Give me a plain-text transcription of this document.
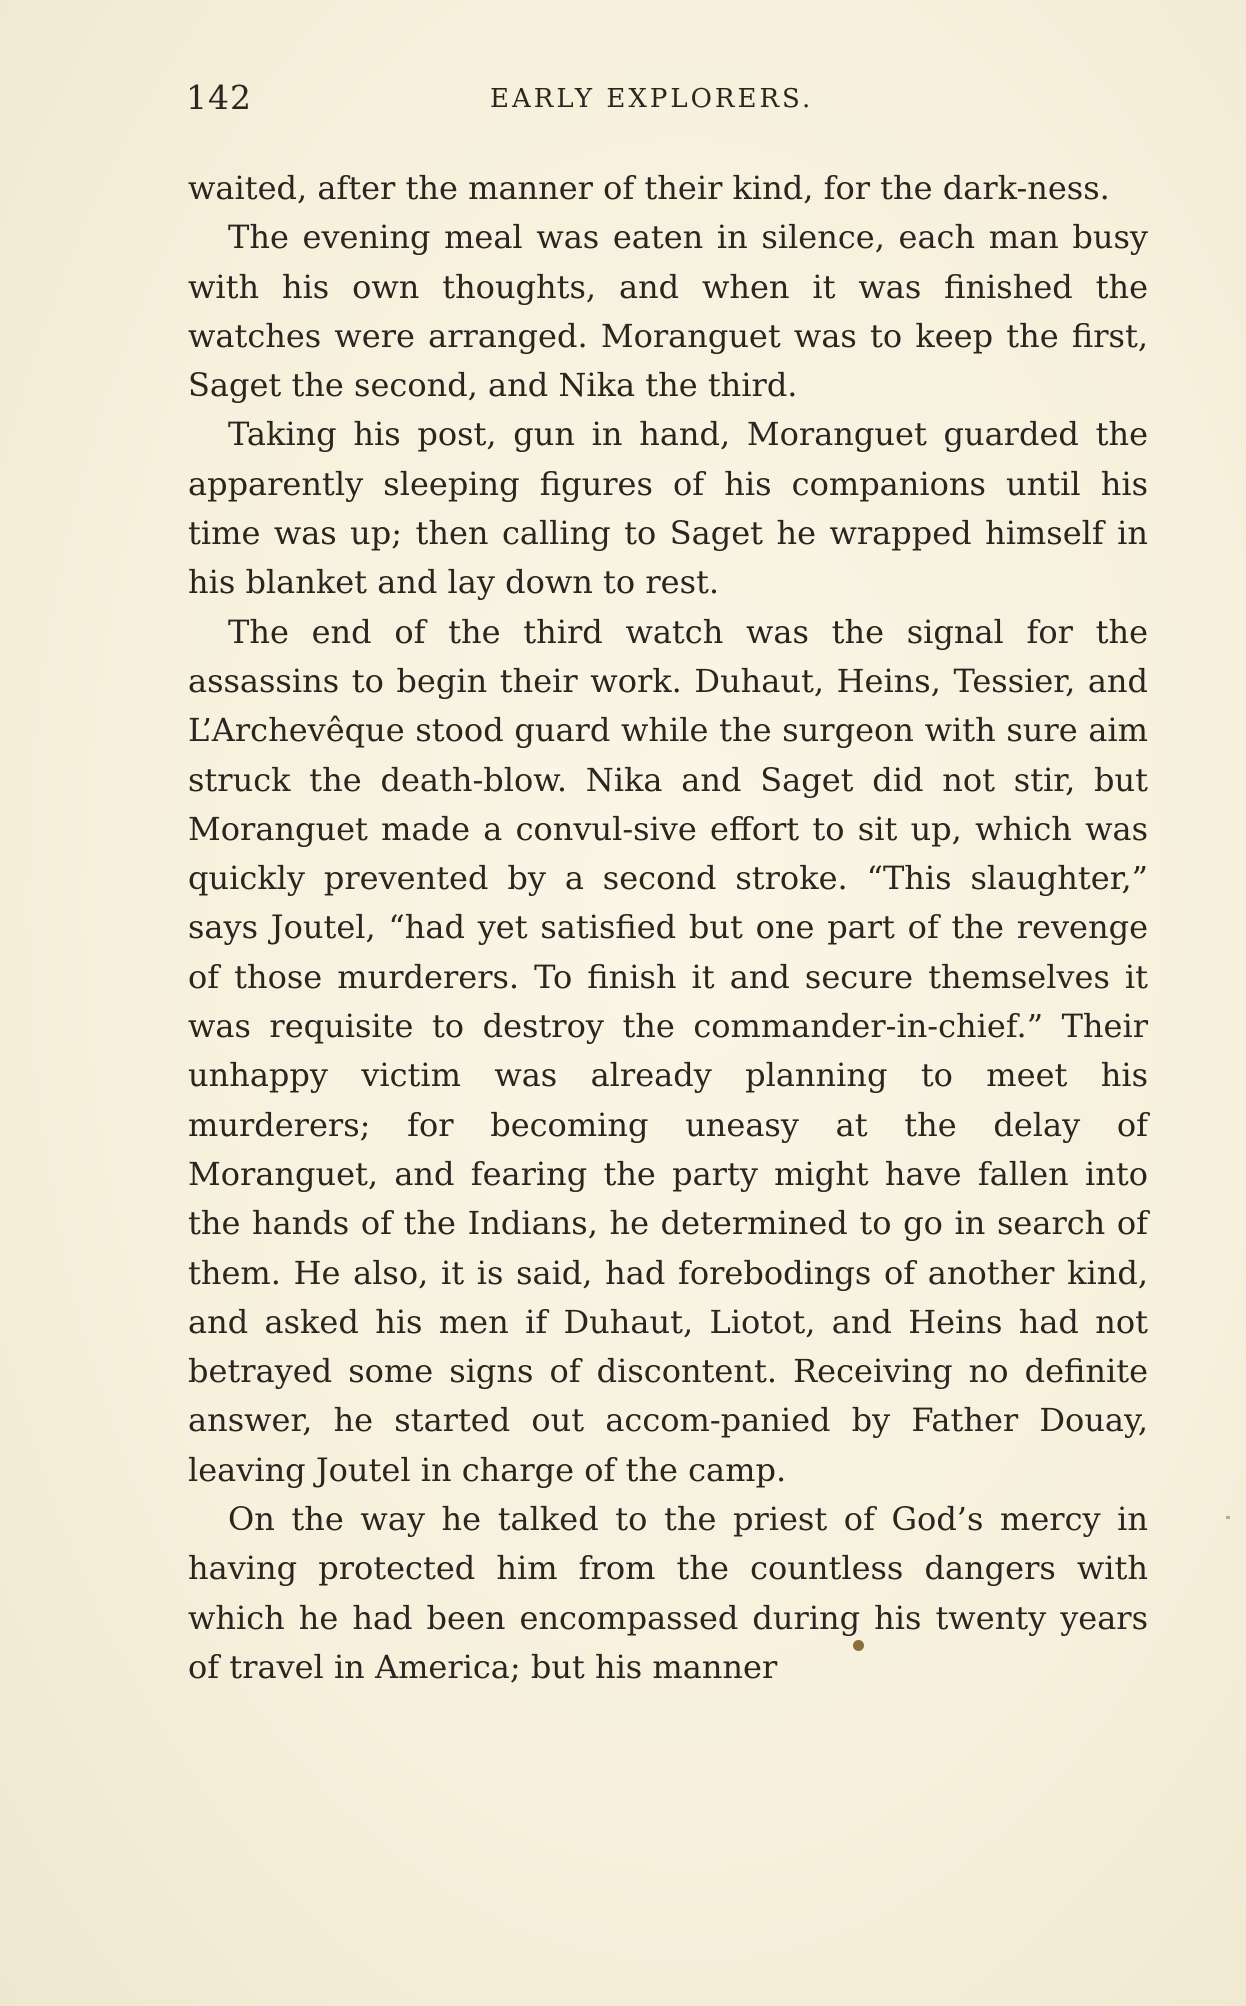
142	EARLY EXPLORERS.

waited, after the manner of their kind, for the dark-ness.

The evening meal was eaten in silence, each man busy with his own thoughts, and when it was finished the watches were arranged. Moranguet was to keep the first, Saget the second, and Nika the third.

Taking his post, gun in hand, Moranguet guarded the apparently sleeping figures of his companions until his time was up; then calling to Saget he wrapped himself in his blanket and lay down to rest.

The end of the third watch was the signal for the assassins to begin their work. Duhaut, Heins, Tessier, and L’Archevêque stood guard while the surgeon with sure aim struck the death-blow. Nika and Saget did not stir, but Moranguet made a convul-sive effort to sit up, which was quickly prevented by a second stroke. “This slaughter,” says Joutel, “had yet satisfied but one part of the revenge of those murderers. To finish it and secure themselves it was requisite to destroy the commander-in-chief.” Their unhappy victim was already planning to meet his murderers; for becoming uneasy at the delay of Moranguet, and fearing the party might have fallen into the hands of the Indians, he determined to go in search of them. He also, it is said, had forebodings of another kind, and asked his men if Duhaut, Liotot, and Heins had not betrayed some signs of discontent. Receiving no definite answer, he started out accom-panied by Father Douay, leaving Joutel in charge of the camp.

On the way he talked to the priest of God’s mercy in having protected him from the countless dangers with which he had been encompassed during his twenty years of travel in America; but his manner
